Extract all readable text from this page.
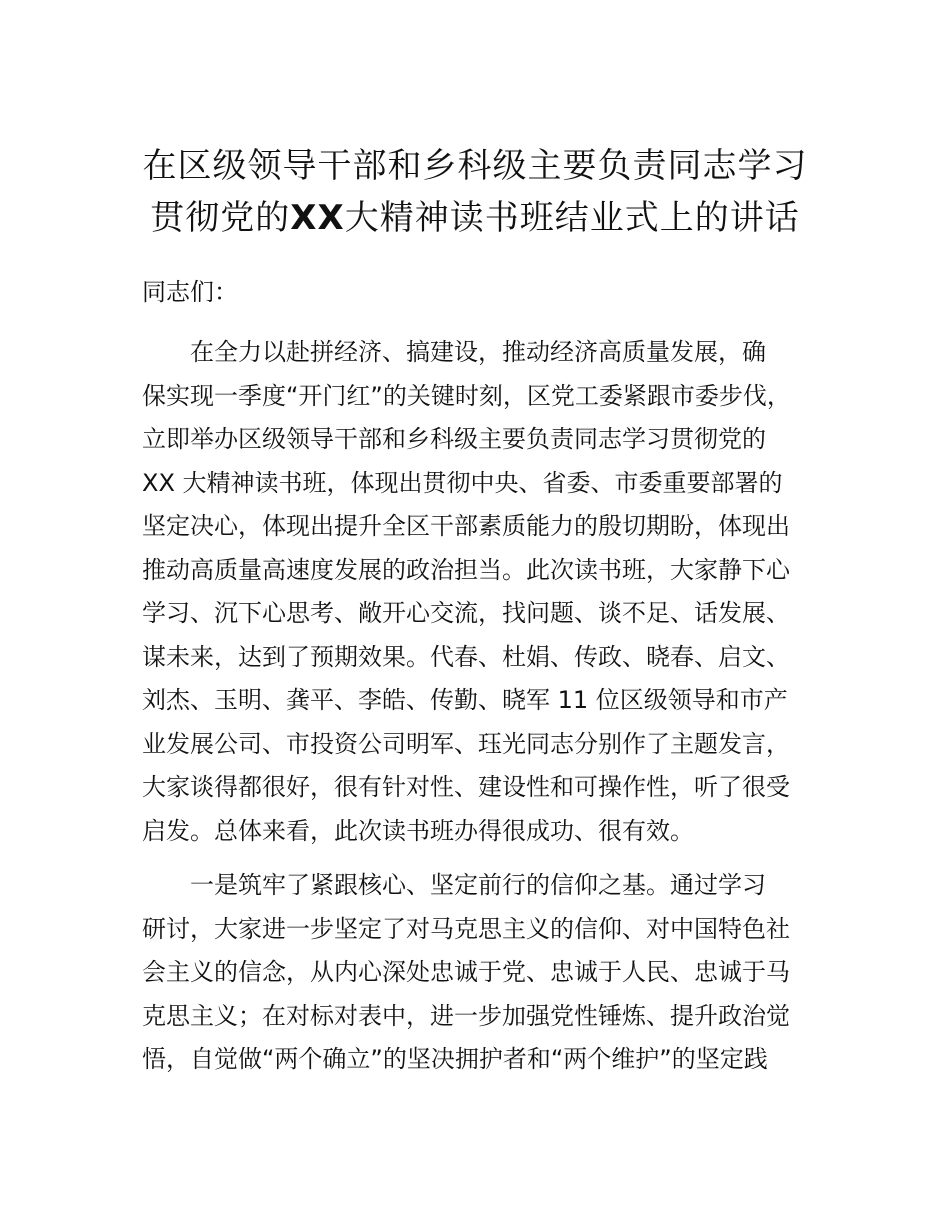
在区级领导干部和乡科级主要负责同志学习
贯彻党的XX大精神读书班结业式上的讲话

同志们：

在全力以赴拼经济、搞建设，推动经济高质量发展，确
保实现一季度“开门红”的关键时刻，区党工委紧跟市委步伐，
立即举办区级领导干部和乡科级主要负责同志学习贯彻党的
XX 大精神读书班，体现出贯彻中央、省委、市委重要部署的
坚定决心，体现出提升全区干部素质能力的殷切期盼，体现出
推动高质量高速度发展的政治担当。此次读书班，大家静下心
学习、沉下心思考、敞开心交流，找问题、谈不足、话发展、
谋未来，达到了预期效果。代春、杜娟、传政、晓春、启文、
刘杰、玉明、龚平、李皓、传勤、晓军 11 位区级领导和市产
业发展公司、市投资公司明军、珏光同志分别作了主题发言，
大家谈得都很好，很有针对性、建设性和可操作性，听了很受
启发。总体来看，此次读书班办得很成功、很有效。
一是筑牢了紧跟核心、坚定前行的信仰之基。通过学习
研讨，大家进一步坚定了对马克思主义的信仰、对中国特色社
会主义的信念，从内心深处忠诚于党、忠诚于人民、忠诚于马
克思主义；在对标对表中，进一步加强党性锤炼、提升政治觉
悟，自觉做“两个确立”的坚决拥护者和“两个维护”的坚定践
